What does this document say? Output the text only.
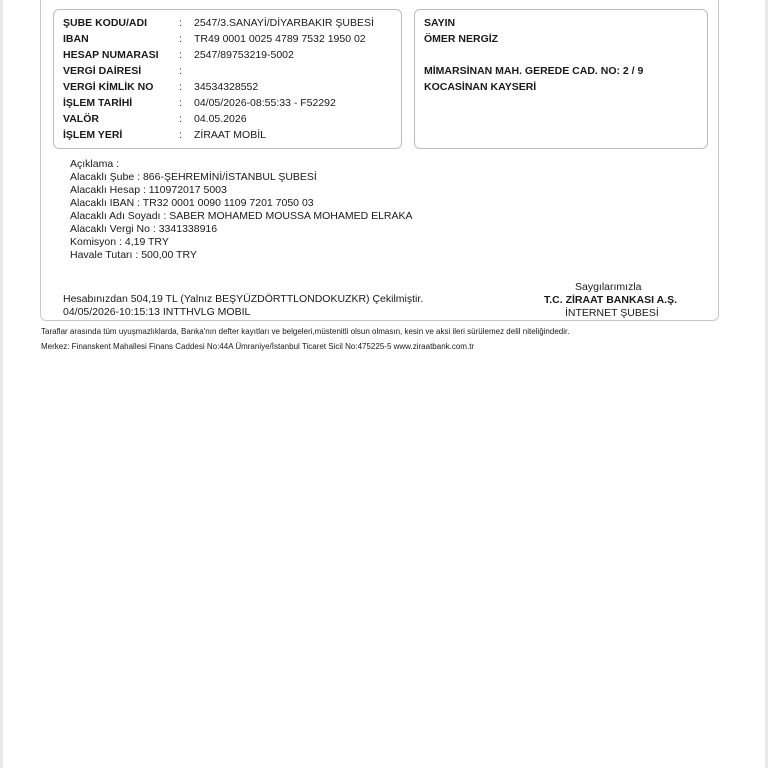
ŞUBE KODU/ADI	: 2547/3.SANAYİ/DİYARBAKIR ŞUBESİ
IBAN	: TR49 0001 0025 4789 7532 1950 02
HESAP NUMARASI : 2547/89753219-5002
VERGİ DAİRESİ	:
VERGİ KİMLİK NO : 34534328552
İŞLEM TARİHİ	: 04/05/2026-08:55:33 - F52292
VALÖR	: 04.05.2026
İŞLEM YERİ	: ZİRAAT MOBİL
SAYIN
ÖMER NERGİZ
MİMARSİNAN MAH. GEREDE CAD. NO: 2 / 9
KOCASİNAN KAYSERİ
Açıklama :
Alacaklı Şube : 866-ŞEHREMİNİ/İSTANBUL ŞUBESİ
Alacaklı Hesap : 110972017 5003
Alacaklı IBAN : TR32 0001 0090 1109 7201 7050 03
Alacaklı Adı Soyadı : SABER MOHAMED MOUSSA MOHAMED ELRAKA
Alacaklı Vergi No : 3341338916
Komisyon : 4,19 TRY
Havale Tutarı : 500,00 TRY
Hesabınızdan 504,19 TL (Yalnız BEŞYÜZDÖRTTLONDOKUZKR) Çekilmiştir.
04/05/2026-10:15:13 INTTHVLG MOBIL
Saygılarımızla
T.C. ZİRAAT BANKASI A.Ş.
İNTERNET ŞUBESİ
Taraflar arasında tüm uyuşmazlıklarda, Banka'nın defter kayıtları ve belgeleri,müstenitli olsun olmasın, kesin ve aksi ileri sürülemez delil niteliğindedir.
Merkez: Finanskent Mahallesi Finans Caddesi No:44A Ümraniye/İstanbul Ticaret Sicil No:475225-5 www.ziraatbank.com.tr
